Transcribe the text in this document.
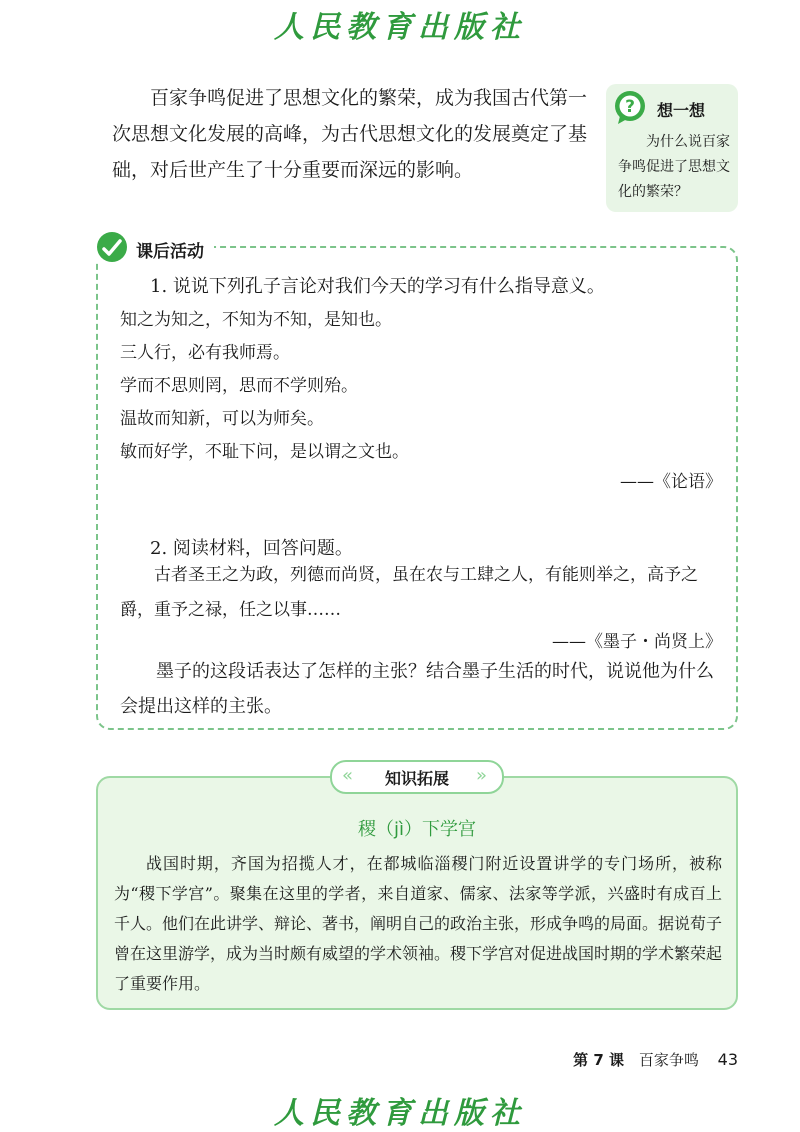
人民教育出版社

百家争鸣促进了思想文化的繁荣，成为我国古代第一次思想文化发展的高峰，为古代思想文化的发展奠定了基础，对后世产生了十分重要而深远的影响。

? 想一想

为什么说百家争鸣促进了思想文化的繁荣？

课后活动
1. 说说下列孔子言论对我们今天的学习有什么指导意义。
知之为知之，不知为不知，是知也。
三人行，必有我师焉。
学而不思则罔，思而不学则殆。
温故而知新，可以为师矣。
敏而好学，不耻下问，是以谓之文也。
——《论语》
2. 阅读材料，回答问题。

古者圣王之为政，列德而尚贤，虽在农与工肆之人，有能则举之，高予之爵，重予之禄，任之以事……

——《墨子・尚贤上》

墨子的这段话表达了怎样的主张？结合墨子生活的时代，说说他为什么会提出这样的主张。

«	»
知识拓展
稷（jì）下学宫

战国时期，齐国为招揽人才，在都城临淄稷门附近设置讲学的专门场所，被称为“稷下学宫”。聚集在这里的学者，来自道家、儒家、法家等学派，兴盛时有成百上千人。他们在此讲学、辩论、著书，阐明自己的政治主张，形成争鸣的局面。据说荀子曾在这里游学，成为当时颇有威望的学术领袖。稷下学宫对促进战国时期的学术繁荣起了重要作用。

第 7 课 百家争鸣 43
人民教育出版社
